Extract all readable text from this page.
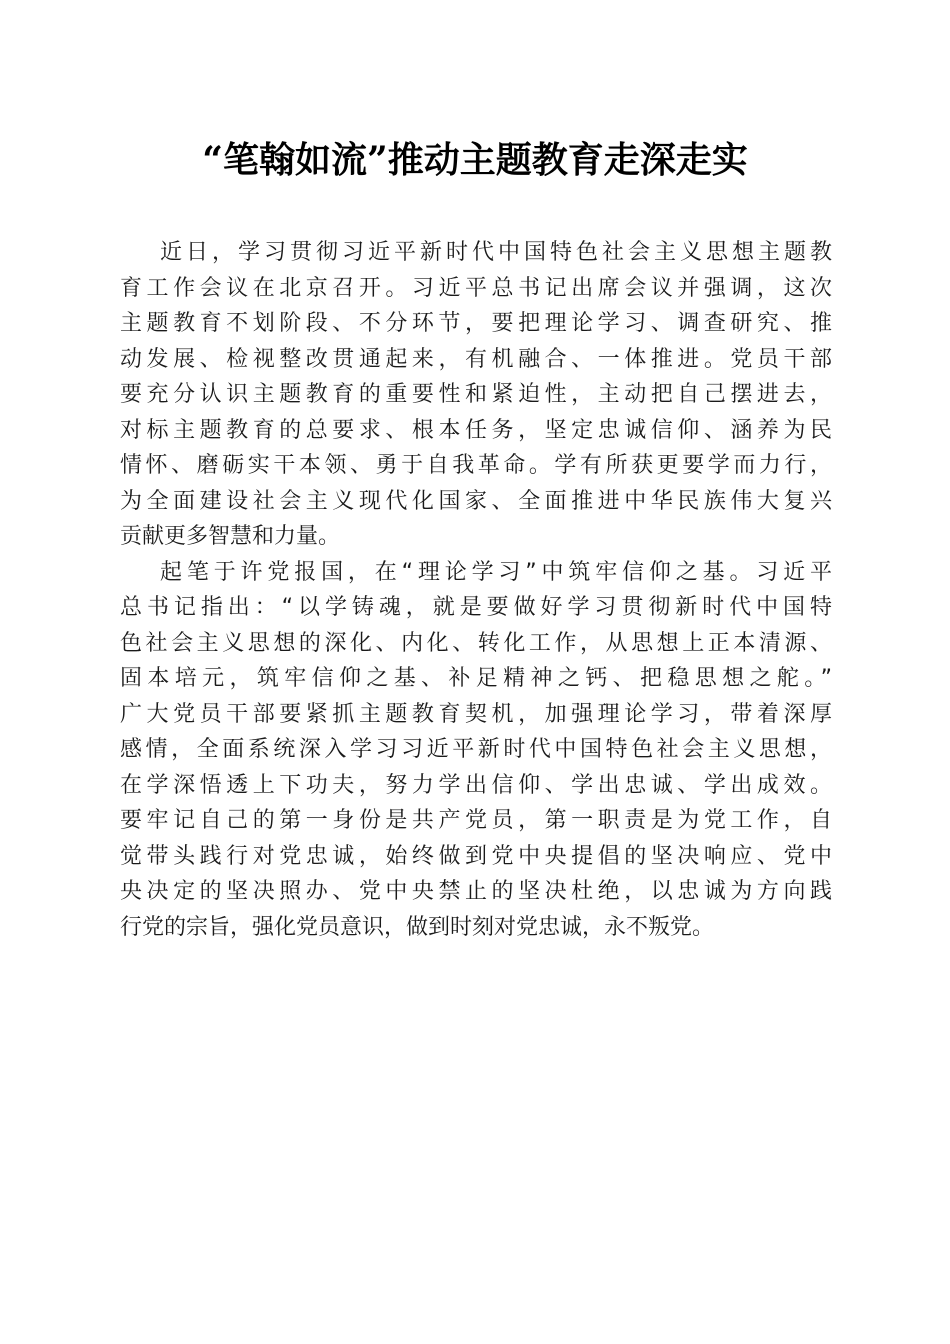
“笔翰如流”推动主题教育走深走实

近日，学习贯彻习近平新时代中国特色社会主义思想主题教
育工作会议在北京召开。习近平总书记出席会议并强调，这次
主题教育不划阶段、不分环节，要把理论学习、调查研究、推
动发展、检视整改贯通起来，有机融合、一体推进。党员干部
要充分认识主题教育的重要性和紧迫性，主动把自己摆进去，
对标主题教育的总要求、根本任务，坚定忠诚信仰、涵养为民
情怀、磨砺实干本领、勇于自我革命。学有所获更要学而力行，
为全面建设社会主义现代化国家、全面推进中华民族伟大复兴
贡献更多智慧和力量。

起笔于许党报国，在“理论学习”中筑牢信仰之基。习近平
总书记指出：“以学铸魂，就是要做好学习贯彻新时代中国特
色社会主义思想的深化、内化、转化工作，从思想上正本清源、
固本培元，筑牢信仰之基、补足精神之钙、把稳思想之舵。”
广大党员干部要紧抓主题教育契机，加强理论学习，带着深厚
感情，全面系统深入学习习近平新时代中国特色社会主义思想，
在学深悟透上下功夫，努力学出信仰、学出忠诚、学出成效。
要牢记自己的第一身份是共产党员，第一职责是为党工作，自
觉带头践行对党忠诚，始终做到党中央提倡的坚决响应、党中
央决定的坚决照办、党中央禁止的坚决杜绝，以忠诚为方向践
行党的宗旨，强化党员意识，做到时刻对党忠诚，永不叛党。
